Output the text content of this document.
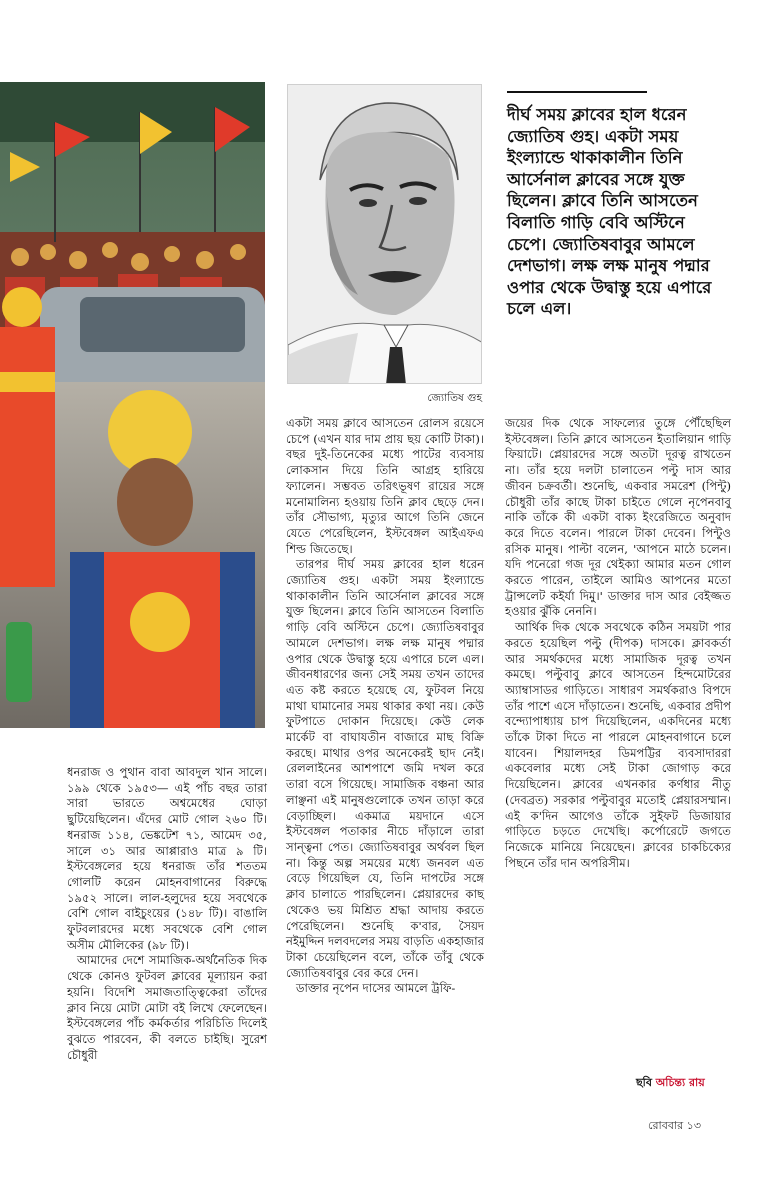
জ্যোতিষ গুহ
দীর্ঘ সময় ক্লাবের হাল ধরেন জ্যোতিষ গুহ। একটা সময় ইংল্যান্ডে থাকাকালীন তিনি আর্সেনাল ক্লাবের সঙ্গে যুক্ত ছিলেন। ক্লাবে তিনি আসতেন বিলাতি গাড়ি বেবি অস্টিনে চেপে। জ্যোতিষবাবুর আমলে দেশভাগ। লক্ষ লক্ষ মানুষ পদ্মার ওপার থেকে উদ্বাস্তু হয়ে এপারে চলে এল।

ধনরাজ ও পুথান বাবা আবদুল খান সালে। ১৯৯ থেকে ১৯৫৩— এই পাঁচ বছর তারা সারা ভারতে অশ্বমেধের ঘোড়া ছুটিয়েছিলেন। এঁদের মোট গোল ২৬০ টি। ধনরাজ ১১৪, ভেঙ্কটেশ ৭১, আমেদ ৩৫, সালে ৩১ আর আপ্পারাও মাত্র ৯ টি। ইস্টবেঙ্গলের হয়ে ধনরাজ তাঁর শততম গোলটি করেন মোহনবাগানের বিরুদ্ধে ১৯৫২ সালে। লাল-হলুদের হয়ে সবথেকে বেশি গোল বাইচুংয়ের (১৪৮ টি)। বাঙালি ফুটবলারদের মধ্যে সবথেকে বেশি গোল অসীম মৌলিকের (৯৮ টি)।

আমাদের দেশে সামাজিক-অর্থনৈতিক দিক থেকে কোনও ফুটবল ক্লাবের মূল্যায়ন করা হয়নি। বিদেশি সমাজতাত্ত্বিকেরা তাঁদের ক্লাব নিয়ে মোটা মোটা বই লিখে ফেলেছেন। ইস্টবেঙ্গলের পাঁচ কর্মকর্তার পরিচিতি দিলেই বুঝতে পারবেন, কী বলতে চাইছি। সুরেশ চৌধুরী

একটা সময় ক্লাবে আসতেন রোলস রয়েসে চেপে (এখন যার দাম প্রায় ছয় কোটি টাকা)। বছর দুই-তিনেকের মধ্যে পাটের ব্যবসায় লোকসান দিয়ে তিনি আগ্রহ হারিয়ে ফ্যালেন। সম্ভবত তরিৎভূষণ রায়ের সঙ্গে মনোমালিন্য হওয়ায় তিনি ক্লাব ছেড়ে দেন। তাঁর সৌভাগ্য, মৃত্যুর আগে তিনি জেনে যেতে পেরেছিলেন, ইস্টবেঙ্গল আইএফএ শিল্ড জিতেছে।

তারপর দীর্ঘ সময় ক্লাবের হাল ধরেন জ্যোতিষ গুহ। একটা সময় ইংল্যান্ডে থাকাকালীন তিনি আর্সেনাল ক্লাবের সঙ্গে যুক্ত ছিলেন। ক্লাবে তিনি আসতেন বিলাতি গাড়ি বেবি অস্টিনে চেপে। জ্যোতিষবাবুর আমলে দেশভাগ। লক্ষ লক্ষ মানুষ পদ্মার ওপার থেকে উদ্বাস্তু হয়ে এপারে চলে এল। জীবনধারণের জন্য সেই সময় তখন তাদের এত কষ্ট করতে হয়েছে যে, ফুটবল নিয়ে মাথা ঘামানোর সময় থাকার কথা নয়। কেউ ফুটপাতে দোকান দিয়েছে। কেউ লেক মার্কেট বা বাঘাযতীন বাজারে মাছ বিক্রি করছে। মাথার ওপর অনেকেরই ছাদ নেই। রেললাইনের আশপাশে জমি দখল করে তারা বসে গিয়েছে। সামাজিক বঞ্চনা আর লাঞ্ছনা এই মানুষগুলোকে তখন তাড়া করে বেড়াচ্ছিল। একমাত্র ময়দানে এসে ইস্টবেঙ্গল পতাকার নীচে দাঁড়ালে তারা সান্ত্বনা পেত। জ্যোতিষবাবুর অর্থবল ছিল না। কিন্তু অল্প সময়ের মধ্যে জনবল এত বেড়ে গিয়েছিল যে, তিনি দাপটের সঙ্গে ক্লাব চালাতে পারছিলেন। প্লেয়ারদের কাছ থেকেও ভয় মিশ্রিত শ্রদ্ধা আদায় করতে পেরেছিলেন। শুনেছি ক'বার, সৈয়দ নইমুদ্দিন দলবদলের সময় বাড়তি একহাজার টাকা চেয়েছিলেন বলে, তাঁকে তাঁবু থেকে জ্যোতিষবাবুর বের করে দেন।

ডাক্তার নৃপেন দাসের আমলে ট্রফি-

জয়ের দিক থেকে সাফল্যের তুঙ্গে পৌঁছেছিল ইস্টবেঙ্গল। তিনি ক্লাবে আসতেন ইতালিয়ান গাড়ি ফিয়াটে। প্লেয়ারদের সঙ্গে অতটা দূরত্ব রাখতেন না। তাঁর হয়ে দলটা চালাতেন পল্টু দাস আর জীবন চক্রবর্তী। শুনেছি, একবার সমরেশ (পিন্টু) চৌধুরী তাঁর কাছে টাকা চাইতে গেলে নৃপেনবাবু নাকি তাঁকে কী একটা বাক্য ইংরেজিতে অনুবাদ করে দিতে বলেন। পারলে টাকা দেবেন। পিন্টুও রসিক মানুষ। পাল্টা বলেন, 'আপনে মাঠে চলেন। যদি পনেরো গজ দূর থেইক্যা আমার মতন গোল করতে পারেন, তাইলে আমিও আপনের মতো ট্রান্সলেট কইর্যা দিমু।' ডাক্তার দাস আর বেইজ্জত হওয়ার ঝুঁকি নেননি।

আর্থিক দিক থেকে সবথেকে কঠিন সময়টা পার করতে হয়েছিল পল্টু (দীপক) দাসকে। ক্লাবকর্তা আর সমর্থকদের মধ্যে সামাজিক দূরত্ব তখন কমছে। পল্টুবাবু ক্লাবে আসতেন হিন্দমোটরের অ্যাম্বাসাডর গাড়িতে। সাধারণ সমর্থকরাও বিপদে তাঁর পাশে এসে দাঁড়াতেন। শুনেছি, একবার প্রদীপ বন্দ্যোপাধ্যায় চাপ দিয়েছিলেন, একদিনের মধ্যে তাঁকে টাকা দিতে না পারলে মোহনবাগানে চলে যাবেন। শিয়ালদহর ডিমপট্টির ব্যবসাদাররা একবেলার মধ্যে সেই টাকা জোগাড় করে দিয়েছিলেন। ক্লাবের এখনকার কর্ণধার নীতু (দেবব্রত) সরকার পল্টুবাবুর মতোই প্লেয়ারসম্মান। এই ক'দিন আগেও তাঁকে সুইফট ডিজায়ার গাড়িতে চড়তে দেখেছি। কর্পোরেটে জগতে নিজেকে মানিয়ে নিয়েছেন। ক্লাবের চাকচিক্যের পিছনে তাঁর দান অপরিসীম।

ছবি অচিন্ত্য রায়
রোববার ১৩
